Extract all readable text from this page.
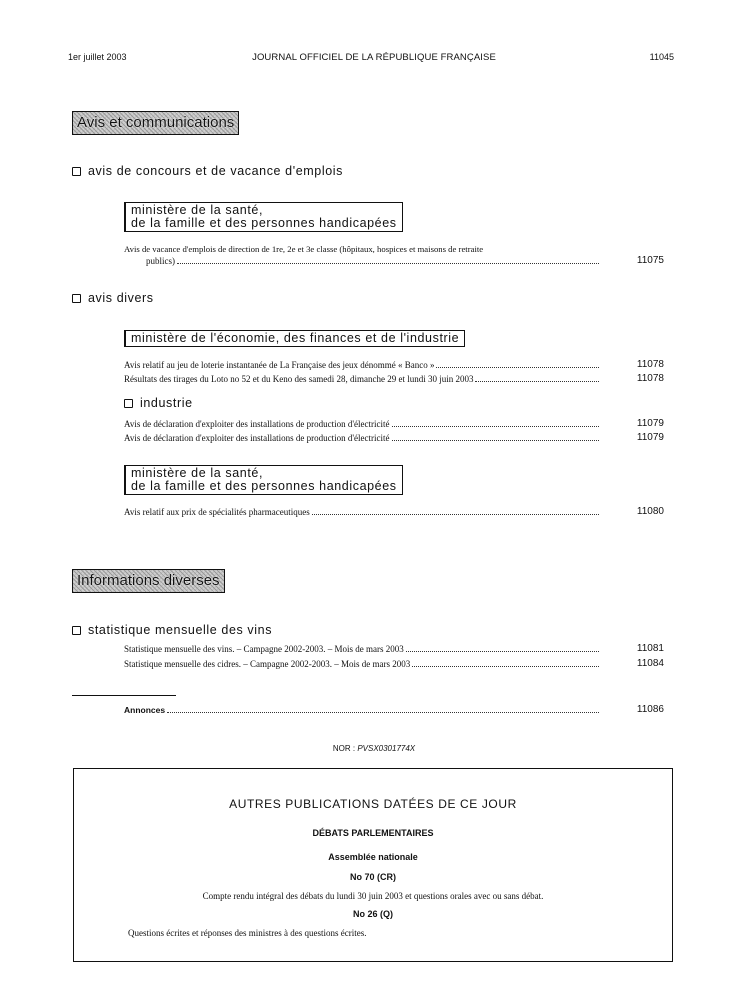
1er juillet 2003	JOURNAL OFFICIEL DE LA RÉPUBLIQUE FRANÇAISE	11045
Avis et communications
avis de concours et de vacance d'emplois
ministère de la santé,
de la famille et des personnes handicapées
Avis de vacance d'emplois de direction de 1re, 2e et 3e classe (hôpitaux, hospices et maisons de retraite
publics)	11075
avis divers
ministère de l'économie, des finances et de l'industrie
Avis relatif au jeu de loterie instantanée de La Française des jeux dénommé « Banco »	11078
Résultats des tirages du Loto no 52 et du Keno des samedi 28, dimanche 29 et lundi 30 juin 2003	11078
industrie
Avis de déclaration d'exploiter des installations de production d'électricité	11079
Avis de déclaration d'exploiter des installations de production d'électricité	11079
ministère de la santé,
de la famille et des personnes handicapées
Avis relatif aux prix de spécialités pharmaceutiques	11080
Informations diverses
statistique mensuelle des vins
Statistique mensuelle des vins. – Campagne 2002-2003. – Mois de mars 2003	11081
Statistique mensuelle des cidres. – Campagne 2002-2003. – Mois de mars 2003	11084
Annonces	11086
NOR : PVSX0301774X
AUTRES PUBLICATIONS DATÉES DE CE JOUR
DÉBATS PARLEMENTAIRES
Assemblée nationale
No 70 (CR)
Compte rendu intégral des débats du lundi 30 juin 2003 et questions orales avec ou sans débat.
No 26 (Q)
Questions écrites et réponses des ministres à des questions écrites.
